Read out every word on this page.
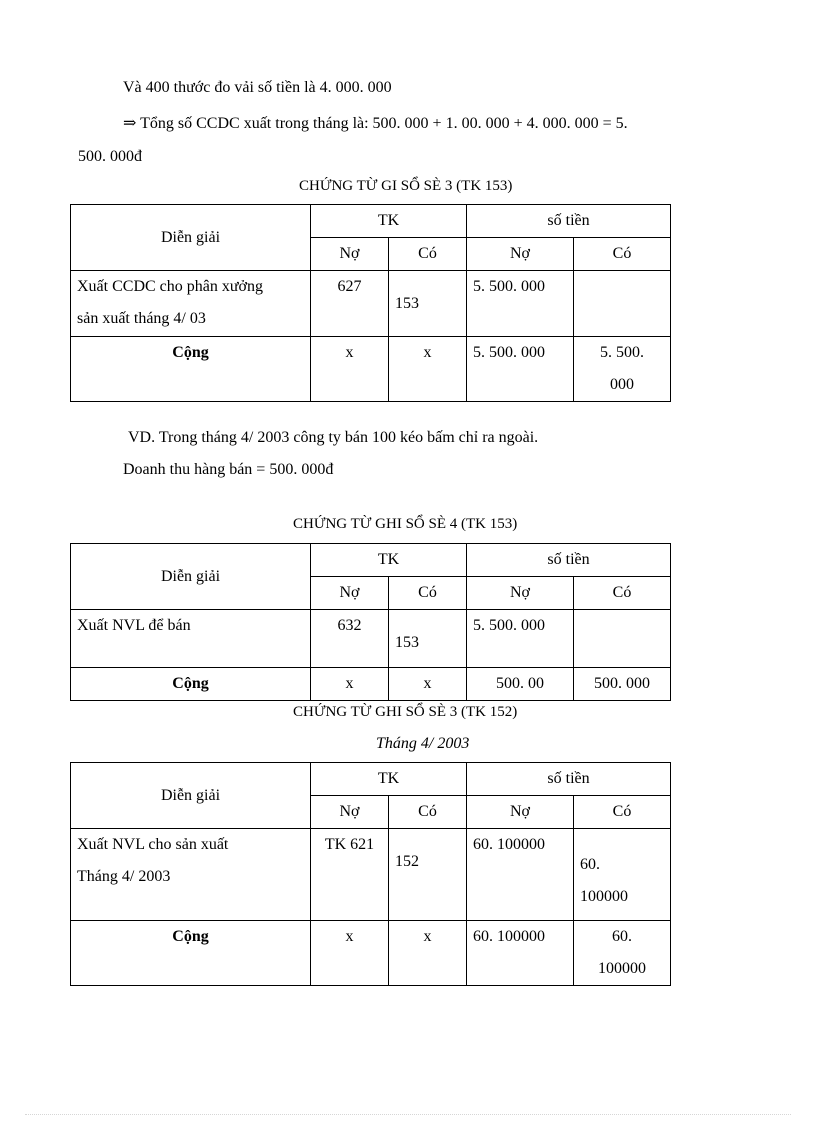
Và 400 thước đo vải số tiền là 4. 000. 000
⇒ Tổng số CCDC xuất trong tháng là: 500. 000 + 1. 00. 000 + 4. 000. 000 = 5.
500. 000đ
CHỨNG TỪ GI SỔ SÈ 3 (TK 153)
Diễn giải	TK		số tiền	
	Nợ	Có	Nợ	Có
Xuất CCDC cho phân xưởng
sản xuất tháng 4/ 03	627	153	5. 500. 000	
Cộng	x	x	5. 500. 000	5. 500.
000
VD. Trong tháng 4/ 2003 công ty bán 100 kéo bấm chỉ ra ngoài.
Doanh thu hàng bán = 500. 000đ
CHỨNG TỪ GHI SỔ SÈ 4 (TK 153)
Diễn giải	TK		số tiền	
	Nợ	Có	Nợ	Có
Xuất NVL để bán	632	153	5. 500. 000	
Cộng	x	x	500. 00	500. 000
CHỨNG TỪ GHI SỔ SÈ 3 (TK 152)
Tháng 4/ 2003
Diễn giải	TK		số tiền	
	Nợ	Có	Nợ	Có
Xuất NVL cho sản xuất
Tháng 4/ 2003	TK 621	152	60. 100000	60.
100000
Cộng	x	x	60. 100000	60.
100000
